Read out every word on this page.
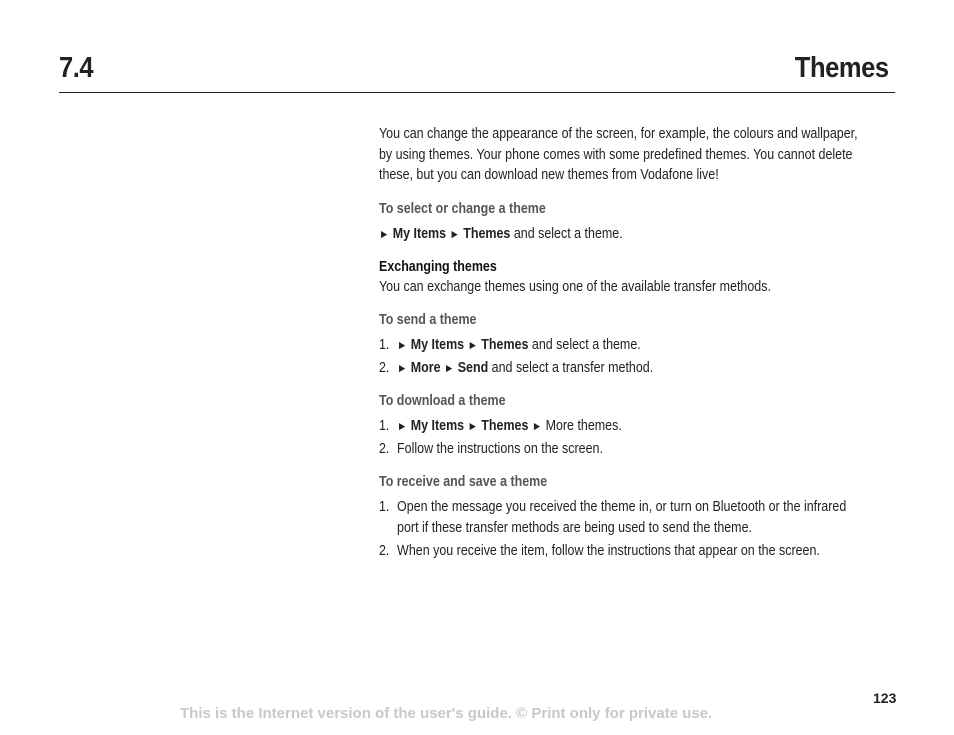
7.4	Themes

You can change the appearance of the screen, for example, the colours and wallpaper,
by using themes. Your phone comes with some predefined themes. You cannot delete
these, but you can download new themes from Vodafone live!

To select or change a theme

► My Items ► Themes and select a theme.

Exchanging themes

You can exchange themes using one of the available transfer methods.

To send a theme

1. ► My Items ► Themes and select a theme.
2. ► More ► Send and select a transfer method.

To download a theme

1. ► My Items ► Themes ► More themes.
2. Follow the instructions on the screen.

To receive and save a theme

1. Open the message you received the theme in, or turn on Bluetooth or the infrared
port if these transfer methods are being used to send the theme.
2. When you receive the item, follow the instructions that appear on the screen.
123
This is the Internet version of the user's guide. © Print only for private use.
